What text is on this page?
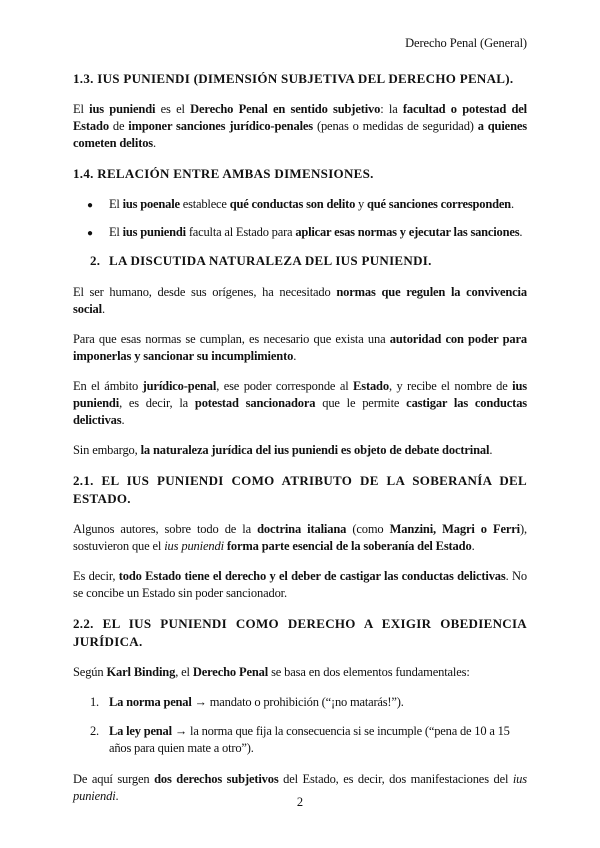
Derecho Penal (General)
1.3. IUS PUNIENDI (DIMENSIÓN SUBJETIVA DEL DERECHO PENAL).

El ius puniendi es el Derecho Penal en sentido subjetivo: la facultad o potestad del Estado de imponer sanciones jurídico-penales (penas o medidas de seguridad) a quienes cometen delitos.

1.4. RELACIÓN ENTRE AMBAS DIMENSIONES.
● El ius poenale establece qué conductas son delito y qué sanciones corresponden.
● El ius puniendi faculta al Estado para aplicar esas normas y ejecutar las sanciones.
2. LA DISCUTIDA NATURALEZA DEL IUS PUNIENDI.

El ser humano, desde sus orígenes, ha necesitado normas que regulen la convivencia social.

Para que esas normas se cumplan, es necesario que exista una autoridad con poder para imponerlas y sancionar su incumplimiento.

En el ámbito jurídico-penal, ese poder corresponde al Estado, y recibe el nombre de ius puniendi, es decir, la potestad sancionadora que le permite castigar las conductas delictivas.

Sin embargo, la naturaleza jurídica del ius puniendi es objeto de debate doctrinal.

2.1. EL IUS PUNIENDI COMO ATRIBUTO DE LA SOBERANÍA DEL ESTADO.

Algunos autores, sobre todo de la doctrina italiana (como Manzini, Magri o Ferri), sostuvieron que el ius puniendi forma parte esencial de la soberanía del Estado.

Es decir, todo Estado tiene el derecho y el deber de castigar las conductas delictivas. No se concibe un Estado sin poder sancionador.

2.2. EL IUS PUNIENDI COMO DERECHO A EXIGIR OBEDIENCIA JURÍDICA.

Según Karl Binding, el Derecho Penal se basa en dos elementos fundamentales:

1. La norma penal → mandato o prohibición (“¡no matarás!”).
2. La ley penal → la norma que fija la consecuencia si se incumple (“pena de 10 a 15 años para quien mate a otro”).

De aquí surgen dos derechos subjetivos del Estado, es decir, dos manifestaciones del ius puniendi.	2
